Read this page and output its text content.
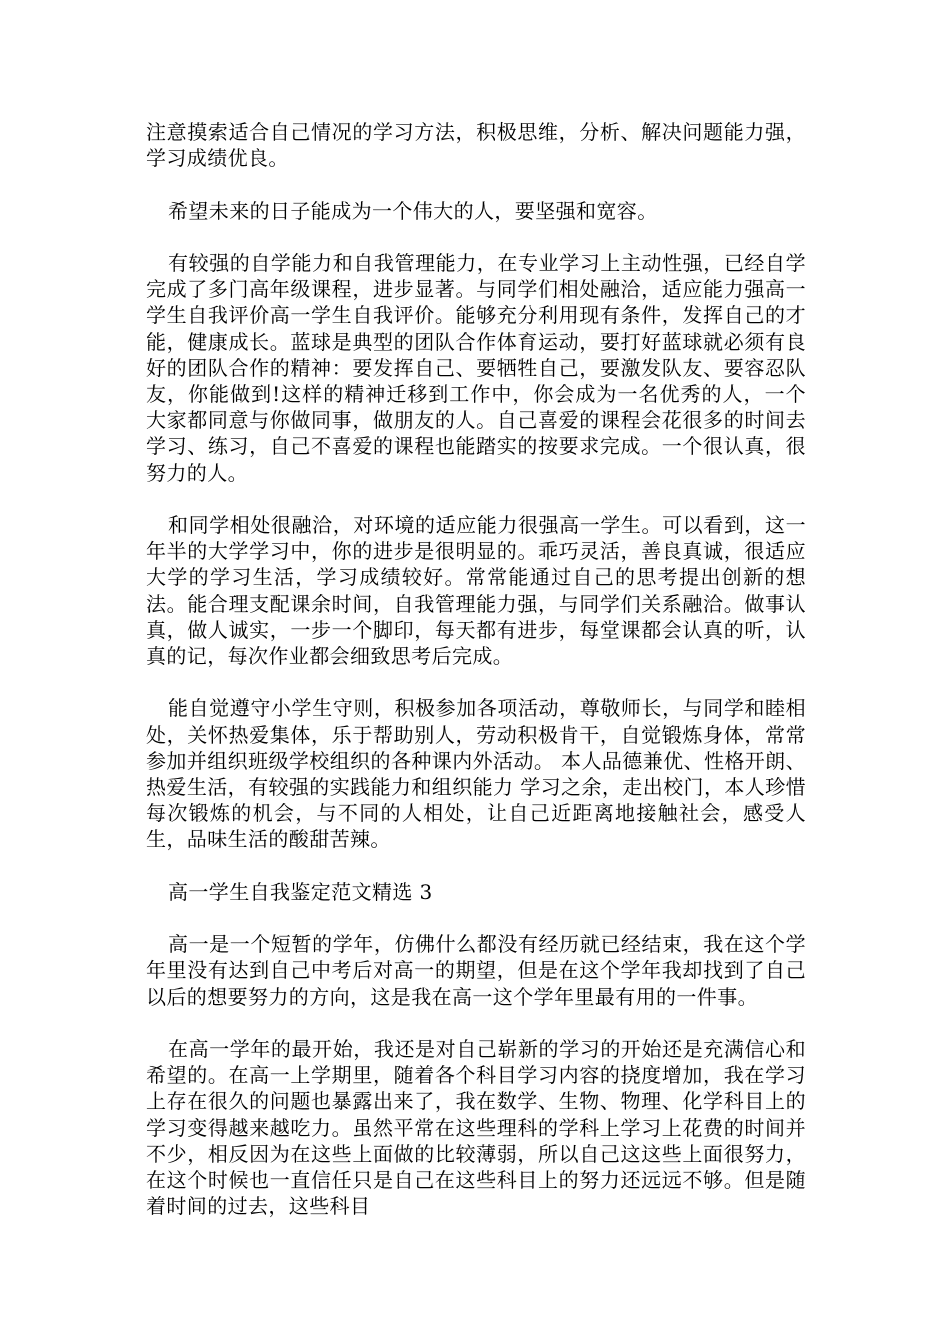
注意摸索适合自己情况的学习方法，积极思维，分析、解决问题能力强，学习成绩优良。

希望未来的日子能成为一个伟大的人，要坚强和宽容。

有较强的自学能力和自我管理能力，在专业学习上主动性强，已经自学完成了多门高年级课程，进步显著。与同学们相处融洽，适应能力强高一学生自我评价高一学生自我评价。能够充分利用现有条件，发挥自己的才能，健康成长。蓝球是典型的团队合作体育运动，要打好蓝球就必须有良好的团队合作的精神：要发挥自己、要牺牲自己，要激发队友、要容忍队友，你能做到!这样的精神迁移到工作中，你会成为一名优秀的人，一个大家都同意与你做同事，做朋友的人。自己喜爱的课程会花很多的时间去学习、练习，自己不喜爱的课程也能踏实的按要求完成。一个很认真，很努力的人。

和同学相处很融洽，对环境的适应能力很强高一学生。可以看到，这一年半的大学学习中，你的进步是很明显的。乖巧灵活，善良真诚，很适应大学的学习生活，学习成绩较好。常常能通过自己的思考提出创新的想法。能合理支配课余时间，自我管理能力强，与同学们关系融洽。做事认真，做人诚实，一步一个脚印，每天都有进步，每堂课都会认真的听，认真的记，每次作业都会细致思考后完成。

能自觉遵守小学生守则，积极参加各项活动，尊敬师长，与同学和睦相处，关怀热爱集体，乐于帮助别人，劳动积极肯干，自觉锻炼身体，常常参加并组织班级学校组织的各种课内外活动。 本人品德兼优、性格开朗、热爱生活，有较强的实践能力和组织能力 学习之余，走出校门，本人珍惜每次锻炼的机会，与不同的人相处，让自己近距离地接触社会，感受人生，品味生活的酸甜苦辣。

高一学生自我鉴定范文精选 3

高一是一个短暂的学年，仿佛什么都没有经历就已经结束，我在这个学年里没有达到自己中考后对高一的期望，但是在这个学年我却找到了自己以后的想要努力的方向，这是我在高一这个学年里最有用的一件事。

在高一学年的最开始，我还是对自己崭新的学习的开始还是充满信心和希望的。在高一上学期里，随着各个科目学习内容的挠度增加，我在学习上存在很久的问题也暴露出来了，我在数学、生物、物理、化学科目上的学习变得越来越吃力。虽然平常在这些理科的学科上学习上花费的时间并不少，相反因为在这些上面做的比较薄弱，所以自己这这些上面很努力，在这个时候也一直信任只是自己在这些科目上的努力还远远不够。但是随着时间的过去，这些科目
